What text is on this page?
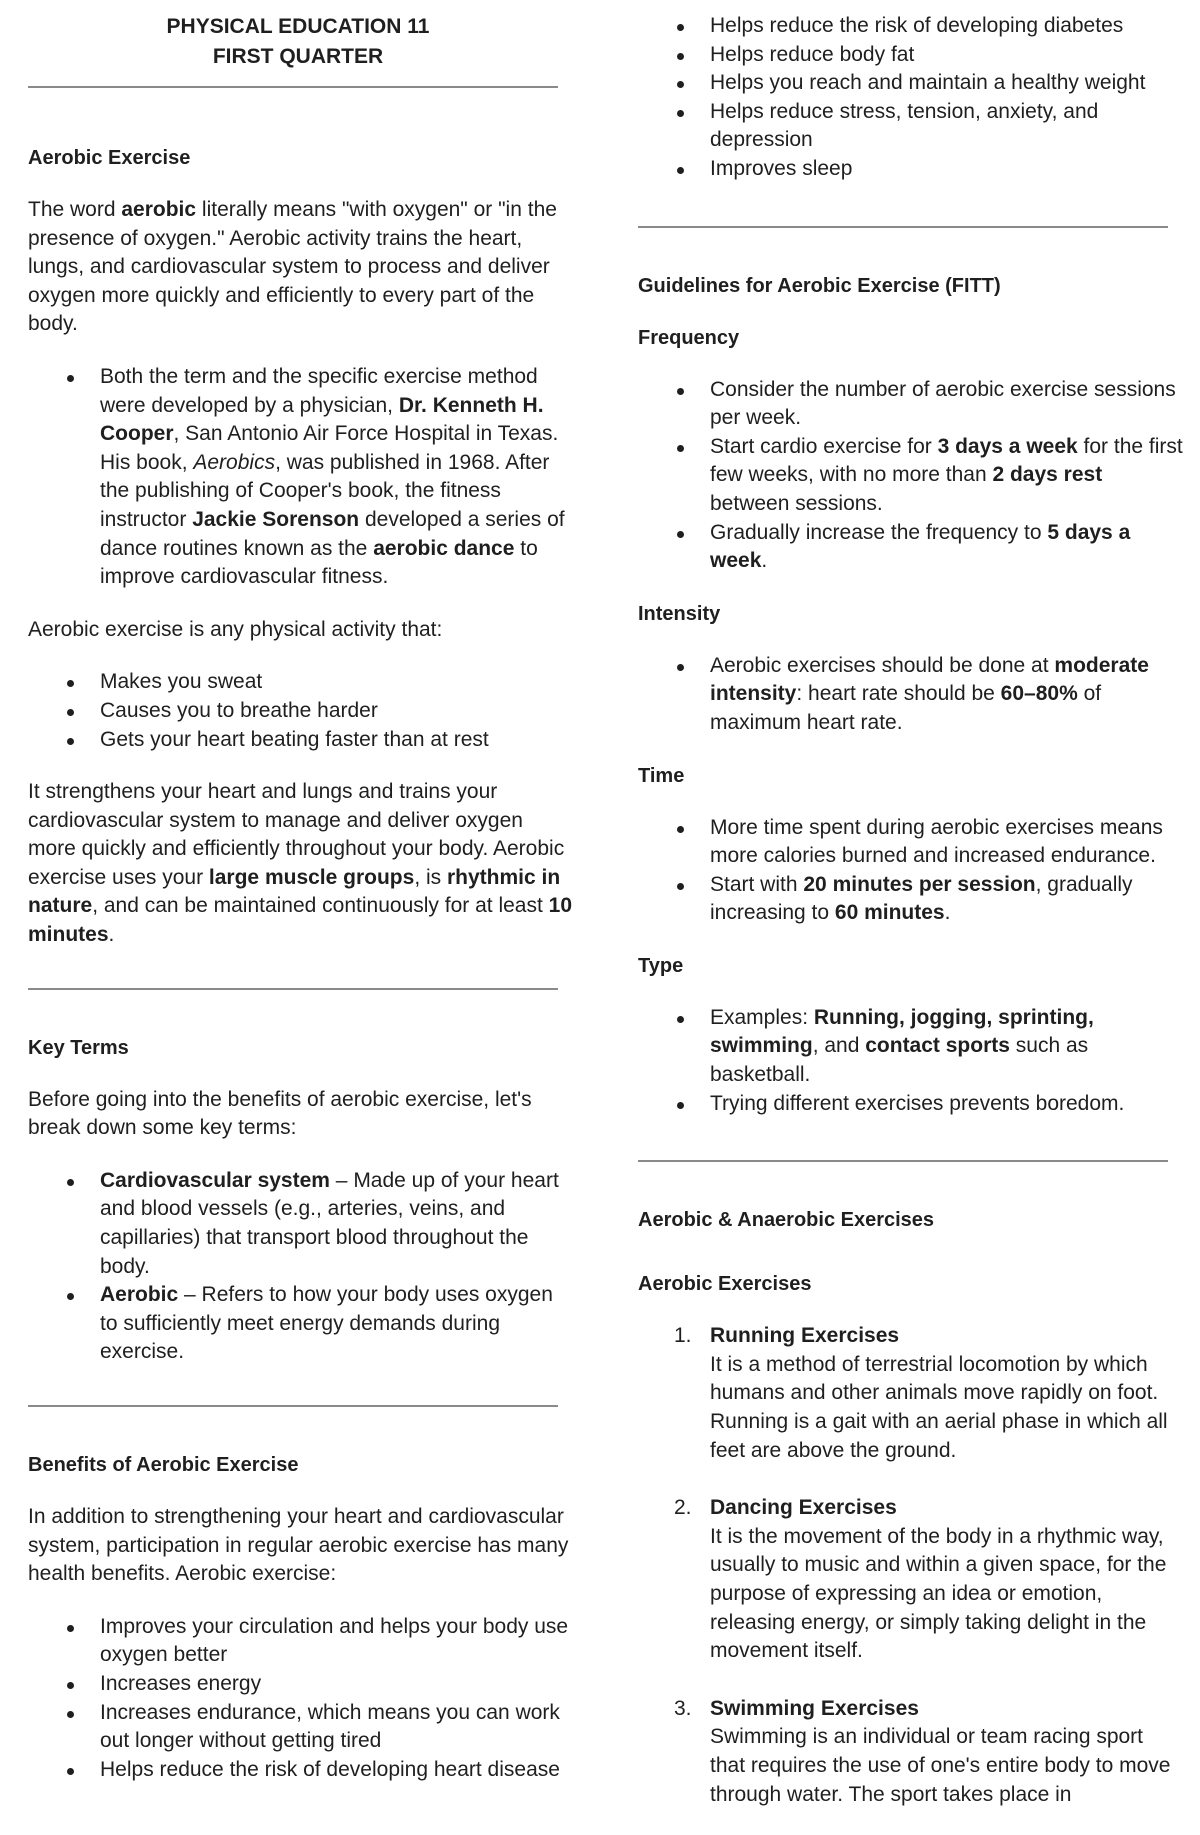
PHYSICAL EDUCATION 11
FIRST QUARTER
Aerobic Exercise

The word aerobic literally means "with oxygen" or "in the presence of oxygen." Aerobic activity trains the heart, lungs, and cardiovascular system to process and deliver oxygen more quickly and efficiently to every part of the body.

Both the term and the specific exercise method were developed by a physician, Dr. Kenneth H. Cooper, San Antonio Air Force Hospital in Texas. His book, Aerobics, was published in 1968. After the publishing of Cooper's book, the fitness instructor Jackie Sorenson developed a series of dance routines known as the aerobic dance to improve cardiovascular fitness.

Aerobic exercise is any physical activity that:

Makes you sweat
Causes you to breathe harder
Gets your heart beating faster than at rest

It strengthens your heart and lungs and trains your cardiovascular system to manage and deliver oxygen more quickly and efficiently throughout your body. Aerobic exercise uses your large muscle groups, is rhythmic in nature, and can be maintained continuously for at least 10 minutes.

Key Terms

Before going into the benefits of aerobic exercise, let's break down some key terms:

Cardiovascular system – Made up of your heart and blood vessels (e.g., arteries, veins, and capillaries) that transport blood throughout the body.
Aerobic – Refers to how your body uses oxygen to sufficiently meet energy demands during exercise.
Benefits of Aerobic Exercise

In addition to strengthening your heart and cardiovascular system, participation in regular aerobic exercise has many health benefits. Aerobic exercise:

Improves your circulation and helps your body use oxygen better
Increases energy
Increases endurance, which means you can work out longer without getting tired
Helps reduce the risk of developing heart disease
Helps reduce the risk of developing diabetes
Helps reduce body fat
Helps you reach and maintain a healthy weight
Helps reduce stress, tension, anxiety, and depression
Improves sleep
Guidelines for Aerobic Exercise (FITT)
Frequency
Consider the number of aerobic exercise sessions per week.
Start cardio exercise for 3 days a week for the first few weeks, with no more than 2 days rest between sessions.
Gradually increase the frequency to 5 days a week.
Intensity
Aerobic exercises should be done at moderate intensity: heart rate should be 60–80% of maximum heart rate.
Time
More time spent during aerobic exercises means more calories burned and increased endurance.
Start with 20 minutes per session, gradually increasing to 60 minutes.
Type
Examples: Running, jogging, sprinting, swimming, and contact sports such as basketball.
Trying different exercises prevents boredom.
Aerobic & Anaerobic Exercises
Aerobic Exercises
1. Running Exercises
It is a method of terrestrial locomotion by which humans and other animals move rapidly on foot. Running is a gait with an aerial phase in which all feet are above the ground.
2. Dancing Exercises
It is the movement of the body in a rhythmic way, usually to music and within a given space, for the purpose of expressing an idea or emotion, releasing energy, or simply taking delight in the movement itself.
3. Swimming Exercises
Swimming is an individual or team racing sport that requires the use of one's entire body to move through water. The sport takes place in
